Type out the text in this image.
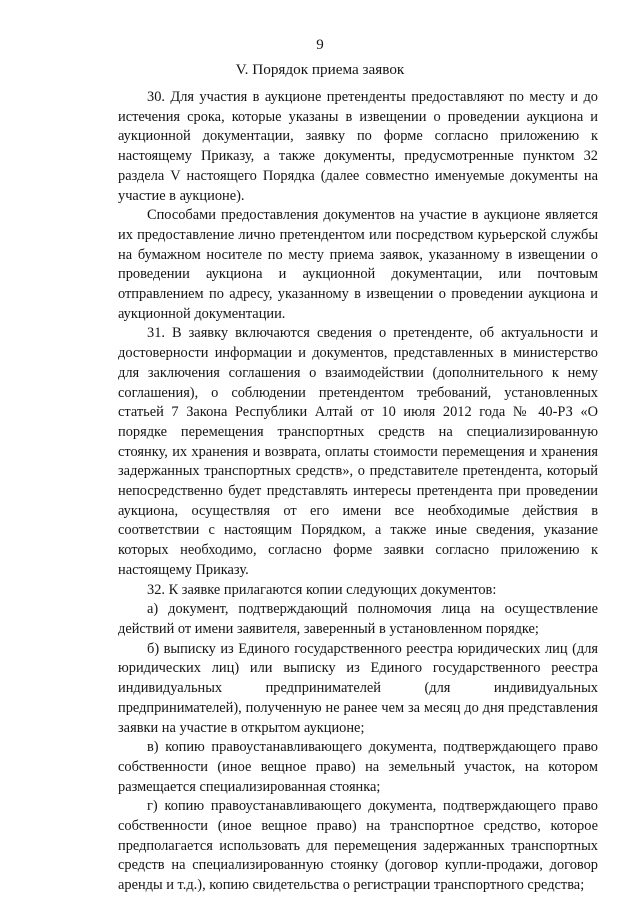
9
V. Порядок приема заявок

30. Для участия в аукционе претенденты предоставляют по месту и до истечения срока, которые указаны в извещении о проведении аукциона и аукционной документации, заявку по форме согласно приложению к настоящему Приказу, а также документы, предусмотренные пунктом 32 раздела V настоящего Порядка (далее совместно именуемые документы на участие в аукционе).

Способами предоставления документов на участие в аукционе является их предоставление лично претендентом или посредством курьерской службы на бумажном носителе по месту приема заявок, указанному в извещении о проведении аукциона и аукционной документации, или почтовым отправлением по адресу, указанному в извещении о проведении аукциона и аукционной документации.

31. В заявку включаются сведения о претенденте, об актуальности и достоверности информации и документов, представленных в министерство для заключения соглашения о взаимодействии (дополнительного к нему соглашения), о соблюдении претендентом требований, установленных статьей 7 Закона Республики Алтай от 10 июля 2012 года № 40-РЗ «О порядке перемещения транспортных средств на специализированную стоянку, их хранения и возврата, оплаты стоимости перемещения и хранения задержанных транспортных средств», о представителе претендента, который непосредственно будет представлять интересы претендента при проведении аукциона, осуществляя от его имени все необходимые действия в соответствии с настоящим Порядком, а также иные сведения, указание которых необходимо, согласно форме заявки согласно приложению к настоящему Приказу.

32. К заявке прилагаются копии следующих документов:

а) документ, подтверждающий полномочия лица на осуществление действий от имени заявителя, заверенный в установленном порядке;

б) выписку из Единого государственного реестра юридических лиц (для юридических лиц) или выписку из Единого государственного реестра индивидуальных предпринимателей (для индивидуальных предпринимателей), полученную не ранее чем за месяц до дня представления заявки на участие в открытом аукционе;

в) копию правоустанавливающего документа, подтверждающего право собственности (иное вещное право) на земельный участок, на котором размещается специализированная стоянка;

г) копию правоустанавливающего документа, подтверждающего право собственности (иное вещное право) на транспортное средство, которое предполагается использовать для перемещения задержанных транспортных средств на специализированную стоянку (договор купли-продажи, договор аренды и т.д.), копию свидетельства о регистрации транспортного средства;
